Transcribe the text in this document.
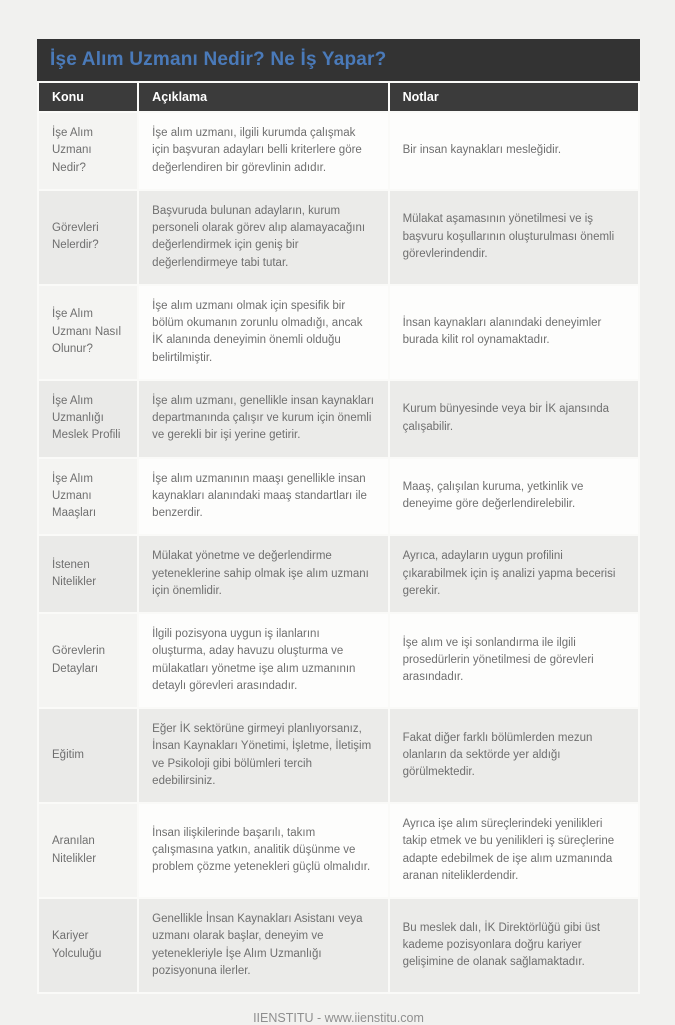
İşe Alım Uzmanı Nedir? Ne İş Yapar?
Konu	Açıklama	Notlar
İşe Alım Uzmanı Nedir?	İşe alım uzmanı, ilgili kurumda çalışmak için başvuran adayları belli kriterlere göre değerlendiren bir görevlinin adıdır.	Bir insan kaynakları mesleğidir.
Görevleri Nelerdir?	Başvuruda bulunan adayların, kurum personeli olarak görev alıp alamayacağını değerlendirmek için geniş bir değerlendirmeye tabi tutar.	Mülakat aşamasının yönetilmesi ve iş başvuru koşullarının oluşturulması önemli görevlerindendir.
İşe Alım Uzmanı Nasıl Olunur?	İşe alım uzmanı olmak için spesifik bir bölüm okumanın zorunlu olmadığı, ancak İK alanında deneyimin önemli olduğu belirtilmiştir.	İnsan kaynakları alanındaki deneyimler burada kilit rol oynamaktadır.
İşe Alım Uzmanlığı Meslek Profili	İşe alım uzmanı, genellikle insan kaynakları departmanında çalışır ve kurum için önemli ve gerekli bir işi yerine getirir.	Kurum bünyesinde veya bir İK ajansında çalışabilir.
İşe Alım Uzmanı Maaşları	İşe alım uzmanının maaşı genellikle insan kaynakları alanındaki maaş standartları ile benzerdir.	Maaş, çalışılan kuruma, yetkinlik ve deneyime göre değerlendirelebilir.
İstenen Nitelikler	Mülakat yönetme ve değerlendirme yeteneklerine sahip olmak işe alım uzmanı için önemlidir.	Ayrıca, adayların uygun profilini çıkarabilmek için iş analizi yapma becerisi gerekir.
Görevlerin Detayları	İlgili pozisyona uygun iş ilanlarını oluşturma, aday havuzu oluşturma ve mülakatları yönetme işe alım uzmanının detaylı görevleri arasındadır.	İşe alım ve işi sonlandırma ile ilgili prosedürlerin yönetilmesi de görevleri arasındadır.
Eğitim	Eğer İK sektörüne girmeyi planlıyorsanız, İnsan Kaynakları Yönetimi, İşletme, İletişim ve Psikoloji gibi bölümleri tercih edebilirsiniz.	Fakat diğer farklı bölümlerden mezun olanların da sektörde yer aldığı görülmektedir.
Aranılan Nitelikler	İnsan ilişkilerinde başarılı, takım çalışmasına yatkın, analitik düşünme ve problem çözme yetenekleri güçlü olmalıdır.	Ayrıca işe alım süreçlerindeki yenilikleri takip etmek ve bu yenilikleri iş süreçlerine adapte edebilmek de işe alım uzmanında aranan niteliklerdendir.
Kariyer Yolculuğu	Genellikle İnsan Kaynakları Asistanı veya uzmanı olarak başlar, deneyim ve yetenekleriyle İşe Alım Uzmanlığı pozisyonuna ilerler.	Bu meslek dalı, İK Direktörlüğü gibi üst kademe pozisyonlara doğru kariyer gelişimine de olanak sağlamaktadır.
IIENSTITU - www.iienstitu.com
